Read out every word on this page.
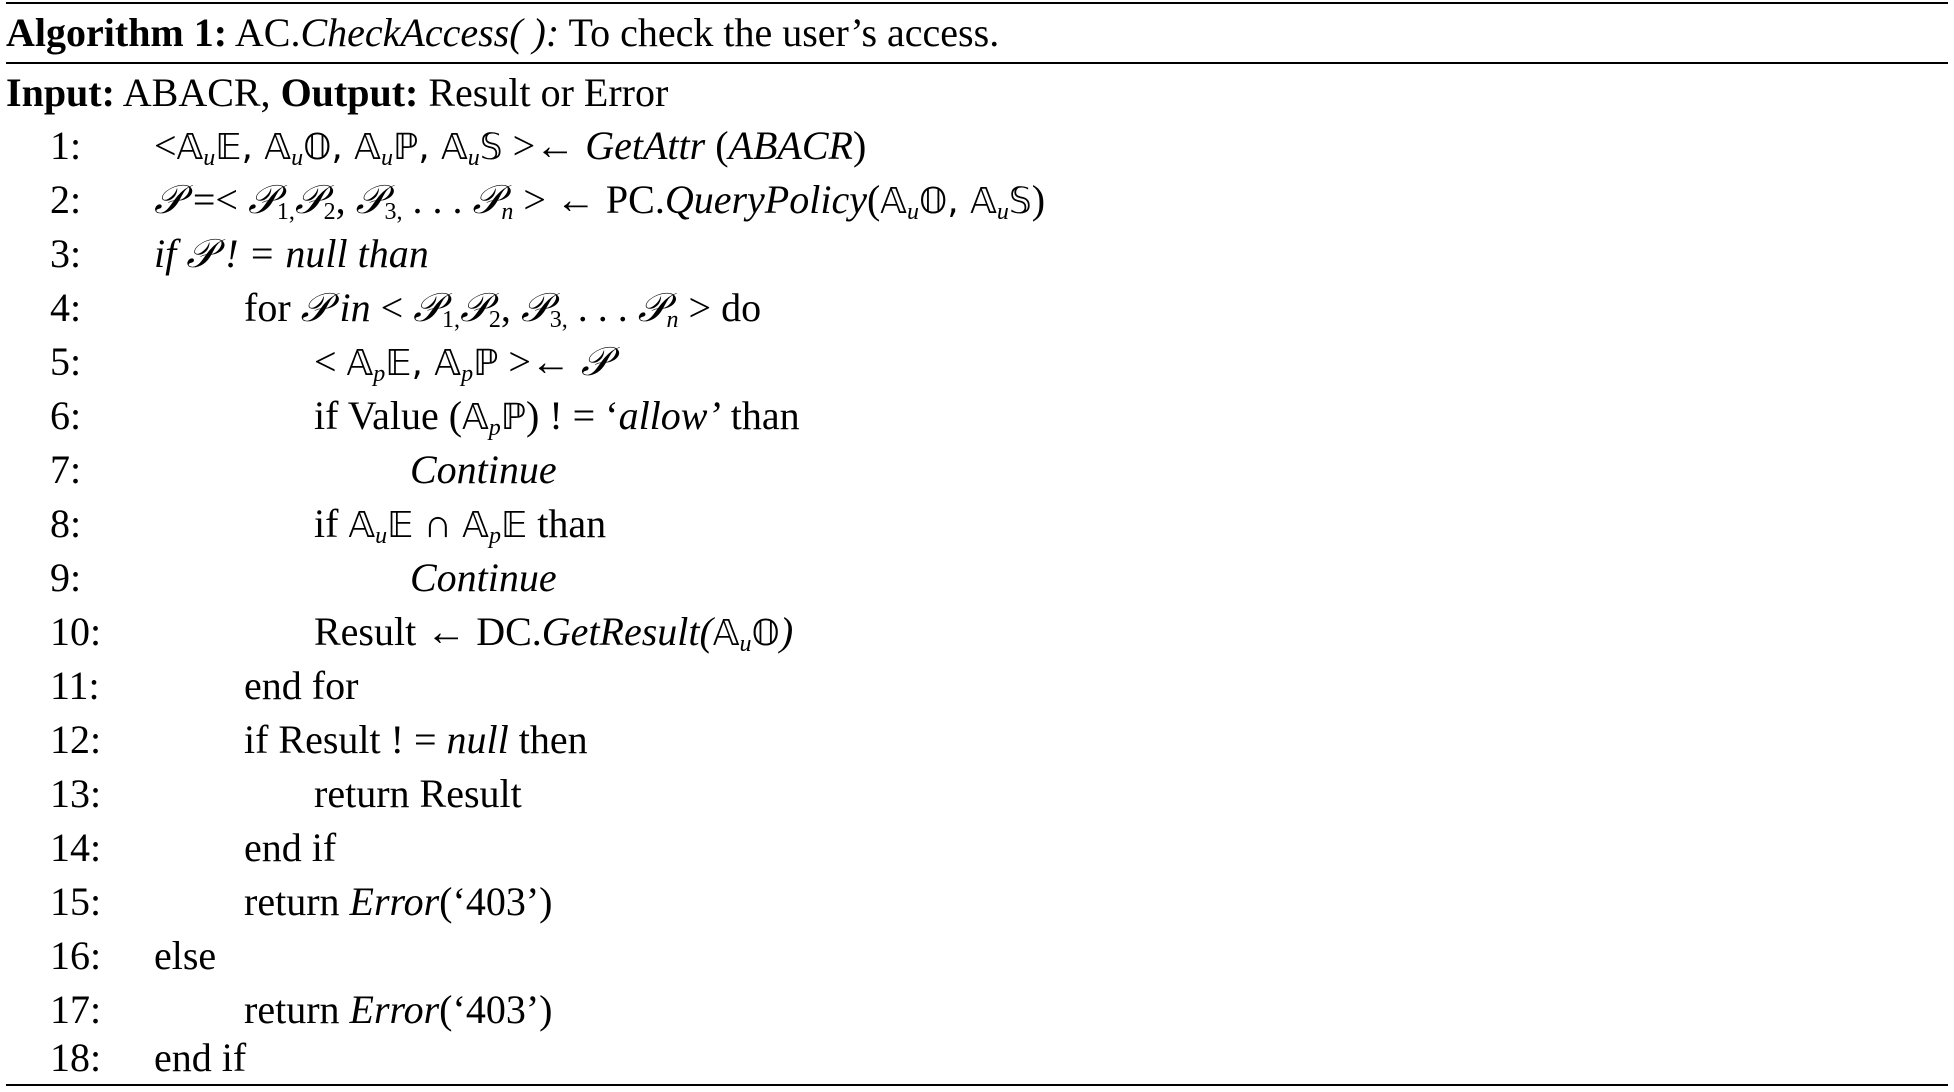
Algorithm 1: AC.CheckAccess( ): To check the user’s access.
Input: ABACR, Output: Result or Error
1:	<𝔸$_u$𝔼, 𝔸$_u$𝕆, 𝔸$_u$ℙ, 𝔸$_u$𝕊 >← GetAttr (ABACR)
2:	𝒫 =< 𝒫$_{1,}$𝒫$_2$, 𝒫$_{3,}$ . . . 𝒫$_n$ > ← PC.QueryPolicy(𝔸$_u$𝕆, 𝔸$_u$𝕊)
3:	if 𝒫 ! = null than
4:	for 𝒫 in < 𝒫$_{1,}$𝒫$_2$, 𝒫$_{3,}$ . . . 𝒫$_n$ > do
5:	< 𝔸$_p$𝔼, 𝔸$_p$ℙ >← 𝒫
6:	if Value (𝔸$_p$ℙ) ! = ‘allow’ than
7:	Continue
8:	if 𝔸$_u$𝔼 ∩ 𝔸$_p$𝔼 than
9:	Continue
10:	Result ← DC.GetResult(𝔸$_u$𝕆)
11:	end for
12:	if Result ! = null then
13:	return Result
14:	end if
15:	return Error(‘403’)
16:	else
17:	return Error(‘403’)
18:	end if
